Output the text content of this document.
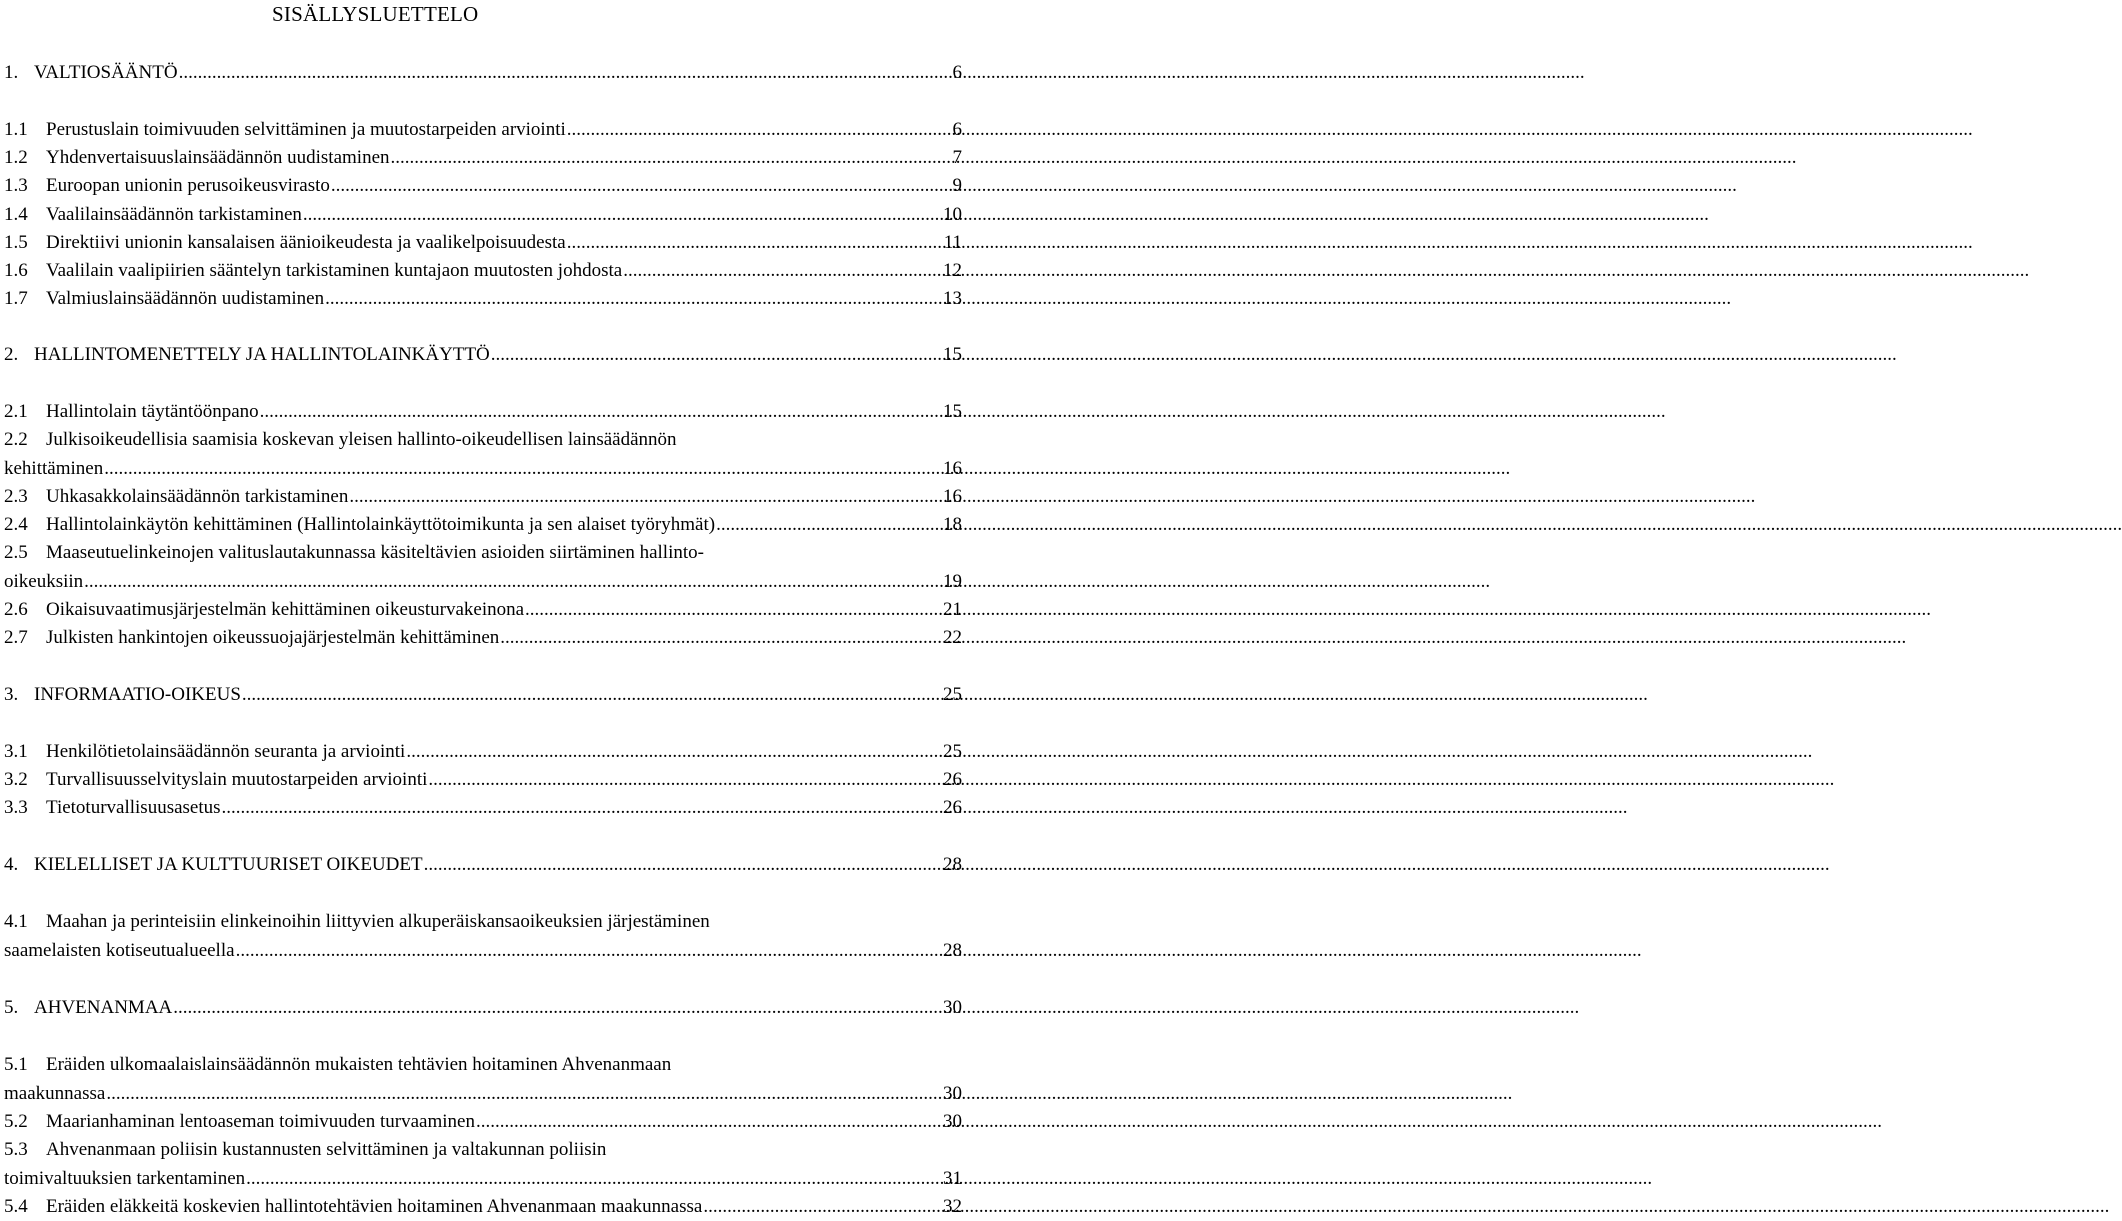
SISÄLLYSLUETTELO
1. VALTIOSÄÄNTÖ .....	6
1.1 Perustuslain toimivuuden selvittäminen ja muutostarpeiden arviointi .....	6
1.2 Yhdenvertaisuuslainsäädännön uudistaminen .....	7
1.3 Euroopan unionin perusoikeusvirasto .....	9
1.4 Vaalilainsäädännön tarkistaminen .....	10
1.5 Direktiivi unionin kansalaisen äänioikeudesta ja vaalikelpoisuudesta .....	11
1.6 Vaalilain vaalipiirien sääntelyn tarkistaminen kuntajaon muutosten johdosta .....	12
1.7 Valmiuslainsäädännön uudistaminen .....	13
2. HALLINTOMENETTELY JA HALLINTOLAINKÄYTTÖ .....	15
2.1 Hallintolain täytäntöönpano .....	15
2.2 Julkisoikeudellisia saamisia koskevan yleisen hallinto-oikeudellisen lainsäädännön
kehittäminen .....	16
2.3 Uhkasakkolainsäädännön tarkistaminen .....	16
2.4 Hallintolainkäytön kehittäminen (Hallintolainkäyttötoimikunta ja sen alaiset työryhmät) .....	18
2.5 Maaseutuelinkeinojen valituslautakunnassa käsiteltävien asioiden siirtäminen hallinto-
oikeuksiin .....	19
2.6 Oikaisuvaatimusjärjestelmän kehittäminen oikeusturvakeinona .....	21
2.7 Julkisten hankintojen oikeussuojajärjestelmän kehittäminen .....	22
3. INFORMAATIO-OIKEUS .....	25
3.1 Henkilötietolainsäädännön seuranta ja arviointi .....	25
3.2 Turvallisuusselvityslain muutostarpeiden arviointi .....	26
3.3 Tietoturvallisuusasetus .....	26
4. KIELELLISET JA KULTTUURISET OIKEUDET .....	28
4.1 Maahan ja perinteisiin elinkeinoihin liittyvien alkuperäiskansaoikeuksien järjestäminen
saamelaisten kotiseutualueella .....	28
5. AHVENANMAA .....	30
5.1 Eräiden ulkomaalaislainsäädännön mukaisten tehtävien hoitaminen Ahvenanmaan
maakunnassa .....	30
5.2 Maarianhaminan lentoaseman toimivuuden turvaaminen .....	30
5.3 Ahvenanmaan poliisin kustannusten selvittäminen ja valtakunnan poliisin
toimivaltuuksien tarkentaminen .....	31
5.4 Eräiden eläkkeitä koskevien hallintotehtävien hoitaminen Ahvenanmaan maakunnassa .....	32
